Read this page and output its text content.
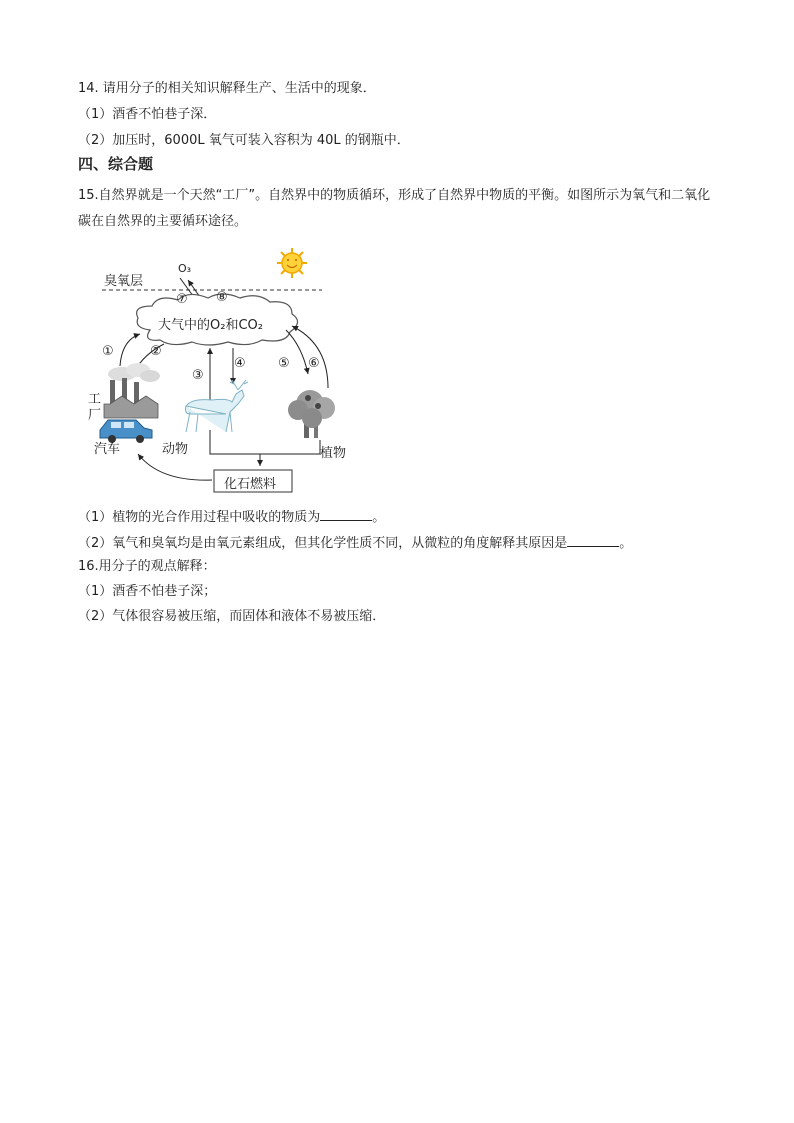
14. 请用分子的相关知识解释生产、生活中的现象．
（1）酒香不怕巷子深．
（2）加压时，6000L 氧气可装入容积为 40L 的钢瓶中．
四、综合题
15.自然界就是一个天然“工厂”。自然界中的物质循环，形成了自然界中物质的平衡。如图所示为氧气和二氧化碳在自然界的主要循环途径。
臭氧层
O₃
大气中的O₂和CO₂
工厂
汽车	动物	植物
化石燃料
①	②
③
④ ⑤ ⑥
⑦ ⑧
（1）植物的光合作用过程中吸收的物质为	。
（2）氧气和臭氧均是由氧元素组成，但其化学性质不同，从微粒的角度解释其原因是	。
16.用分子的观点解释：
（1）酒香不怕巷子深；
（2）气体很容易被压缩，而固体和液体不易被压缩．
